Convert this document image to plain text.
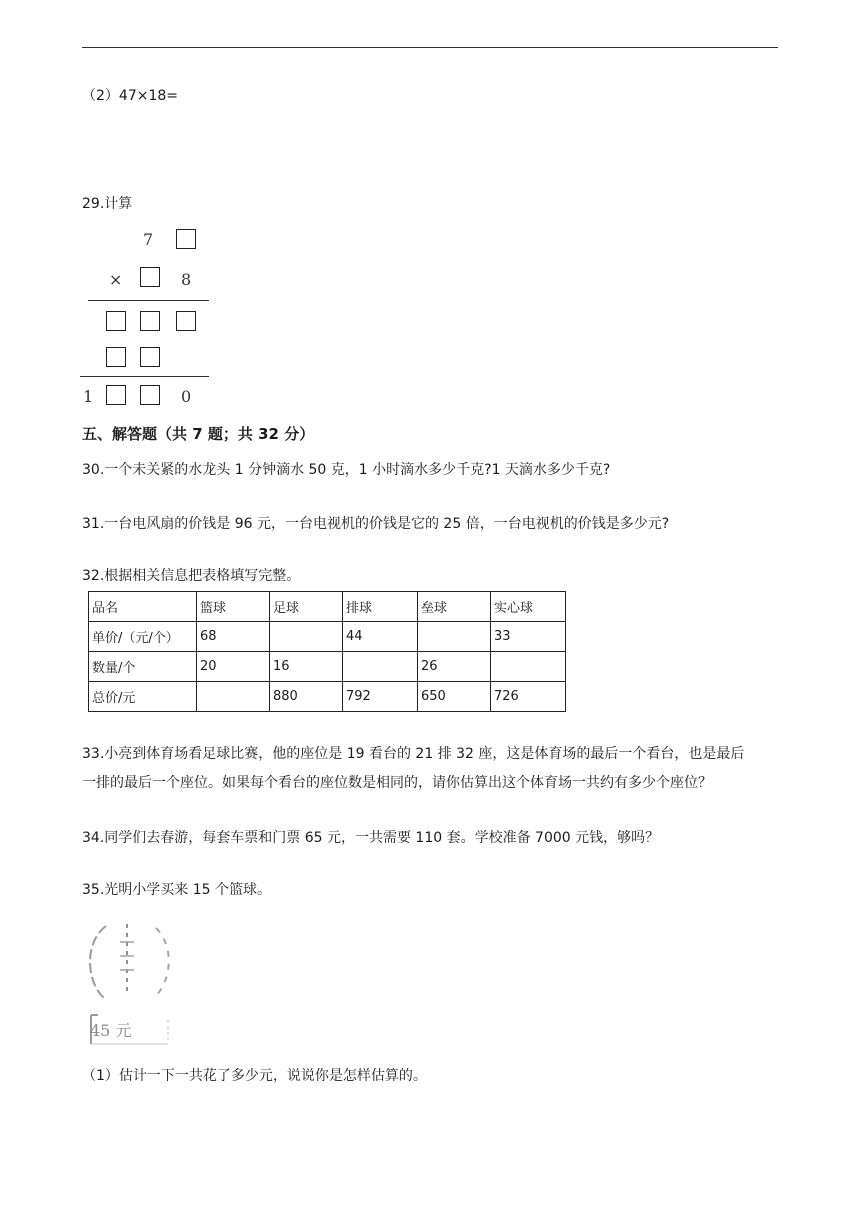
（2）47×18=
29.计算
7
×	8
1	0
五、解答题（共 7 题；共 32 分）
30.一个未关紧的水龙头 1 分钟滴水 50 克，1 小时滴水多少千克?1 天滴水多少千克?
31.一台电风扇的价钱是 96 元，一台电视机的价钱是它的 25 倍，一台电视机的价钱是多少元?
32.根据相关信息把表格填写完整。
品名	篮球	足球	排球	垒球	实心球
单价/（元/个）	68		44		33
数量/个	20	16		26	
总价/元		880	792	650	726
33.小亮到体育场看足球比赛，他的座位是 19 看台的 21 排 32 座，这是体育场的最后一个看台，也是最后
一排的最后一个座位。如果每个看台的座位数是相同的，请你估算出这个体育场一共约有多少个座位？
34.同学们去春游，每套车票和门票 65 元，一共需要 110 套。学校准备 7000 元钱，够吗？
35.光明小学买来 15 个篮球。
45 元
（1）估计一下一共花了多少元，说说你是怎样估算的。
